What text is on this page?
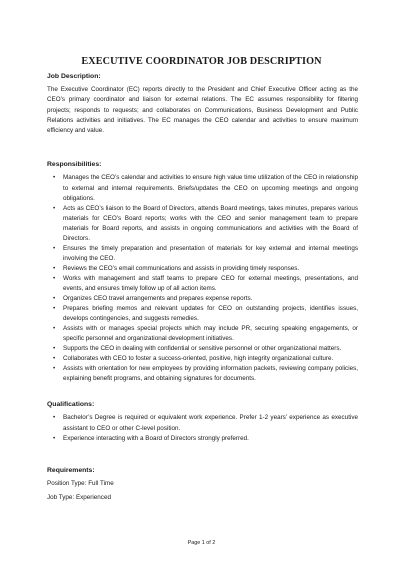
EXECUTIVE COORDINATOR JOB DESCRIPTION
Job Description:
The Executive Coordinator (EC) reports directly to the President and Chief Executive Officer acting as the CEO’s primary coordinator and liaison for external relations. The EC assumes responsibility for filtering projects; responds to requests; and collaborates on Communications, Business Development and Public Relations activities and initiatives. The EC manages the CEO calendar and activities to ensure maximum efficiency and value.
Responsibilities:
• Manages the CEO’s calendar and activities to ensure high value time utilization of the CEO in relationship to external and internal requirements. Briefs/updates the CEO on upcoming meetings and ongoing obligations.
• Acts as CEO’s liaison to the Board of Directors, attends Board meetings, takes minutes, prepares various materials for CEO’s Board reports; works with the CEO and senior management team to prepare materials for Board reports, and assists in ongoing communications and activities with the Board of Directors.
• Ensures the timely preparation and presentation of materials for key external and internal meetings involving the CEO.
• Reviews the CEO’s email communications and assists in providing timely responses.
• Works with management and staff teams to prepare CEO for external meetings, presentations, and events, and ensures timely follow up of all action items.
• Organizes CEO travel arrangements and prepares expense reports.
• Prepares briefing memos and relevant updates for CEO on outstanding projects, identifies issues, develops contingencies, and suggests remedies.
• Assists with or manages special projects which may include PR, securing speaking engagements, or specific personnel and organizational development initiatives.
• Supports the CEO in dealing with confidential or sensitive personnel or other organizational matters.
• Collaborates with CEO to foster a success-oriented, positive, high integrity organizational culture.
• Assists with orientation for new employees by providing information packets, reviewing company policies, explaining benefit programs, and obtaining signatures for documents.
Qualifications:
• Bachelor’s Degree is required or equivalent work experience. Prefer 1-2 years’ experience as executive assistant to CEO or other C-level position.
• Experience interacting with a Board of Directors strongly preferred.
Requirements:
Position Type: Full Time
Job Type: Experienced
Page 1 of 2
